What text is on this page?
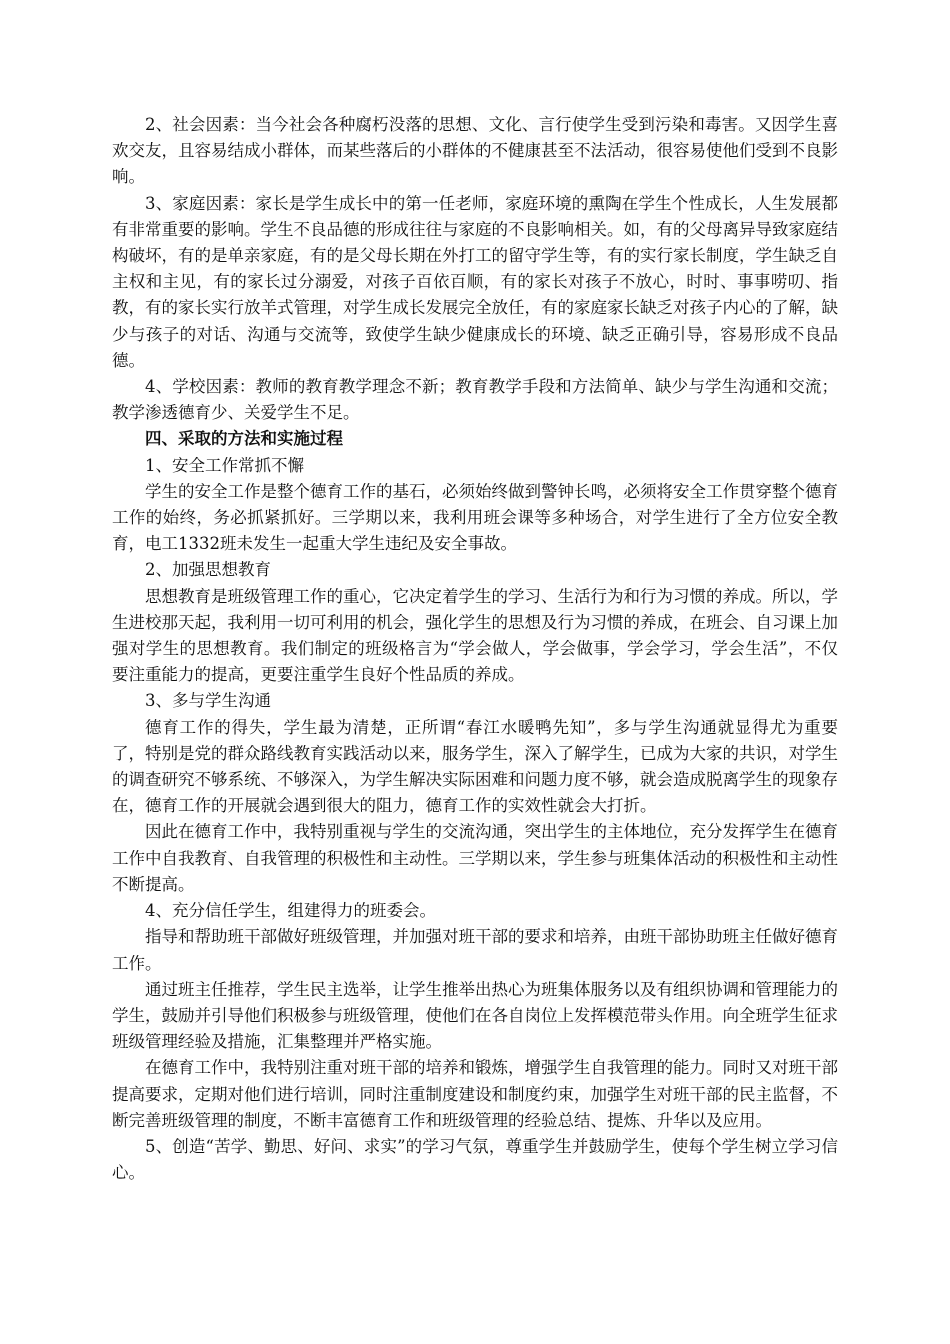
2、社会因素：当今社会各种腐朽没落的思想、文化、言行使学生受到污染和毒害。又因学生喜欢交友，且容易结成小群体，而某些落后的小群体的不健康甚至不法活动，很容易使他们受到不良影响。

3、家庭因素：家长是学生成长中的第一任老师，家庭环境的熏陶在学生个性成长，人生发展都有非常重要的影响。学生不良品德的形成往往与家庭的不良影响相关。如，有的父母离异导致家庭结构破坏，有的是单亲家庭，有的是父母长期在外打工的留守学生等，有的实行家长制度，学生缺乏自主权和主见，有的家长过分溺爱，对孩子百依百顺，有的家长对孩子不放心，时时、事事唠叨、指教，有的家长实行放羊式管理，对学生成长发展完全放任，有的家庭家长缺乏对孩子内心的了解，缺少与孩子的对话、沟通与交流等，致使学生缺少健康成长的环境、缺乏正确引导，容易形成不良品德。

4、学校因素：教师的教育教学理念不新；教育教学手段和方法简单、缺少与学生沟通和交流；教学渗透德育少、关爱学生不足。

四、采取的方法和实施过程

1、安全工作常抓不懈

学生的安全工作是整个德育工作的基石，必须始终做到警钟长鸣，必须将安全工作贯穿整个德育工作的始终，务必抓紧抓好。三学期以来，我利用班会课等多种场合，对学生进行了全方位安全教育，电工1332班未发生一起重大学生违纪及安全事故。

2、加强思想教育

思想教育是班级管理工作的重心，它决定着学生的学习、生活行为和行为习惯的养成。所以，学生进校那天起，我利用一切可利用的机会，强化学生的思想及行为习惯的养成，在班会、自习课上加强对学生的思想教育。我们制定的班级格言为“学会做人，学会做事，学会学习，学会生活”，不仅要注重能力的提高，更要注重学生良好个性品质的养成。

3、多与学生沟通

德育工作的得失，学生最为清楚，正所谓“春江水暖鸭先知”，多与学生沟通就显得尤为重要了，特别是党的群众路线教育实践活动以来，服务学生，深入了解学生，已成为大家的共识，对学生的调查研究不够系统、不够深入，为学生解决实际困难和问题力度不够，就会造成脱离学生的现象存在，德育工作的开展就会遇到很大的阻力，德育工作的实效性就会大打折。

因此在德育工作中，我特别重视与学生的交流沟通，突出学生的主体地位，充分发挥学生在德育工作中自我教育、自我管理的积极性和主动性。三学期以来，学生参与班集体活动的积极性和主动性不断提高。

4、充分信任学生，组建得力的班委会。

指导和帮助班干部做好班级管理，并加强对班干部的要求和培养，由班干部协助班主任做好德育工作。

通过班主任推荐，学生民主选举，让学生推举出热心为班集体服务以及有组织协调和管理能力的学生，鼓励并引导他们积极参与班级管理，使他们在各自岗位上发挥模范带头作用。向全班学生征求班级管理经验及措施，汇集整理并严格实施。

在德育工作中，我特别注重对班干部的培养和锻炼，增强学生自我管理的能力。同时又对班干部提高要求，定期对他们进行培训，同时注重制度建设和制度约束，加强学生对班干部的民主监督，不断完善班级管理的制度，不断丰富德育工作和班级管理的经验总结、提炼、升华以及应用。

5、创造“苦学、勤思、好问、求实”的学习气氛，尊重学生并鼓励学生，使每个学生树立学习信心。
